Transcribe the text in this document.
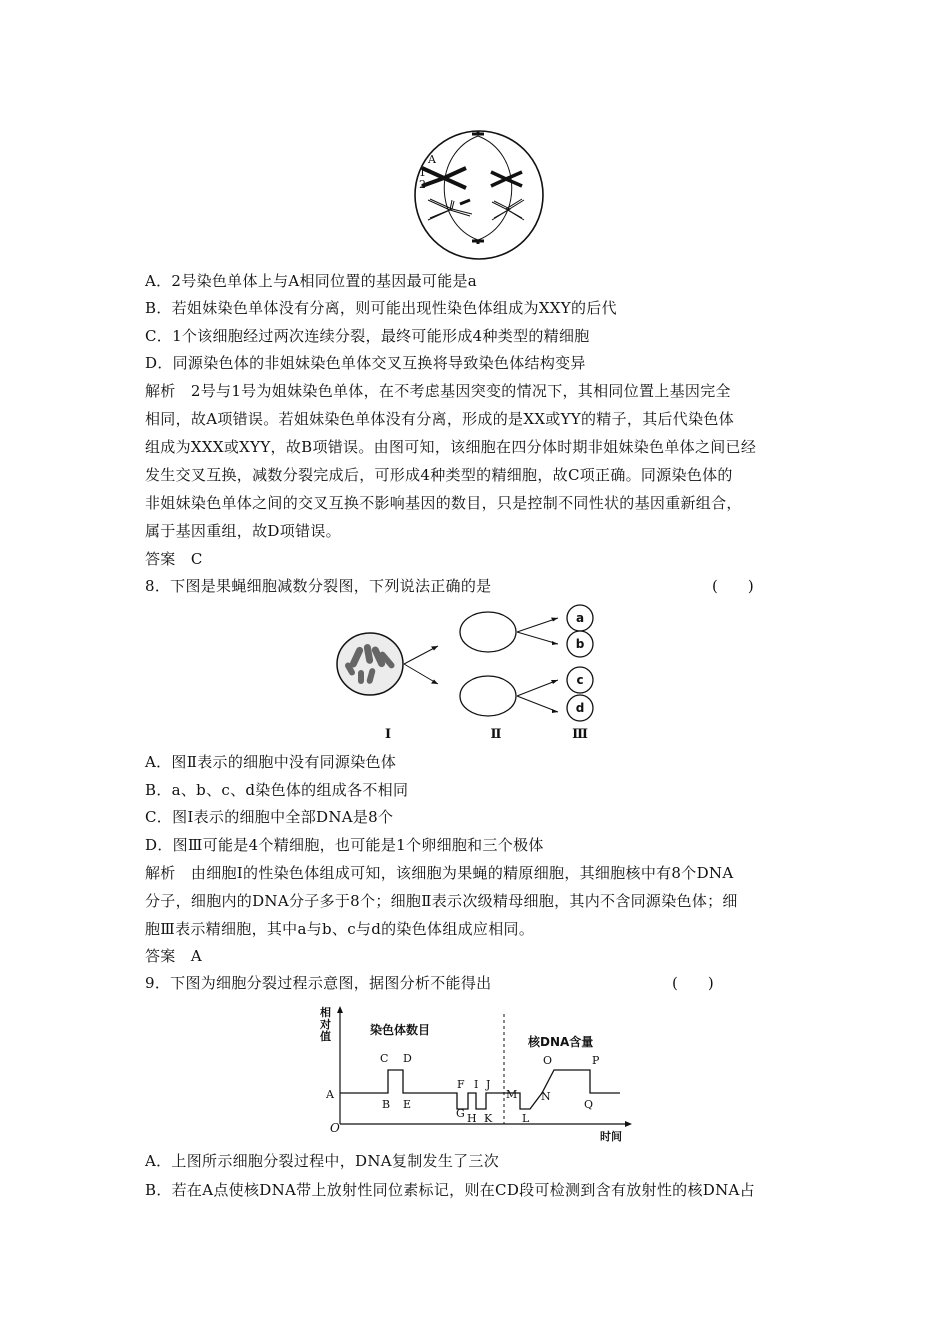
A
1
2
A．2号染色单体上与A相同位置的基因最可能是a
B．若姐妹染色单体没有分离，则可能出现性染色体组成为XXY的后代
C．1个该细胞经过两次连续分裂，最终可能形成4种类型的精细胞
D．同源染色体的非姐妹染色单体交叉互换将导致染色体结构变异
解析　2号与1号为姐妹染色单体，在不考虑基因突变的情况下，其相同位置上基因完全
相同，故A项错误。若姐妹染色单体没有分离，形成的是XX或YY的精子，其后代染色体
组成为XXX或XYY，故B项错误。由图可知，该细胞在四分体时期非姐妹染色单体之间已经
发生交叉互换，减数分裂完成后，可形成4种类型的精细胞，故C项正确。同源染色体的
非姐妹染色单体之间的交叉互换不影响基因的数目，只是控制不同性状的基因重新组合，
属于基因重组，故D项错误。
答案　C
8．下图是果蝇细胞减数分裂图，下列说法正确的是	(　　)
a
b
c
d
Ⅰ	Ⅱ	Ⅲ
A．图Ⅱ表示的细胞中没有同源染色体
B．a、b、c、d染色体的组成各不相同
C．图Ⅰ表示的细胞中全部DNA是8个
D．图Ⅲ可能是4个精细胞，也可能是1个卵细胞和三个极体
解析　由细胞Ⅰ的性染色体组成可知，该细胞为果蝇的精原细胞，其细胞核中有8个DNA
分子，细胞内的DNA分子多于8个；细胞Ⅱ表示次级精母细胞，其内不含同源染色体；细
胞Ⅲ表示精细胞，其中a与b、c与d的染色体组成应相同。
答案　A
9．下图为细胞分裂过程示意图，据图分析不能得出	(　　)
相对值	染色体数目
核DNA含量
时间
O
A
B
C D
E
F
G H
I J
K	L
M N
O	P
Q
A．上图所示细胞分裂过程中，DNA复制发生了三次
B．若在A点使核DNA带上放射性同位素标记，则在CD段可检测到含有放射性的核DNA占
